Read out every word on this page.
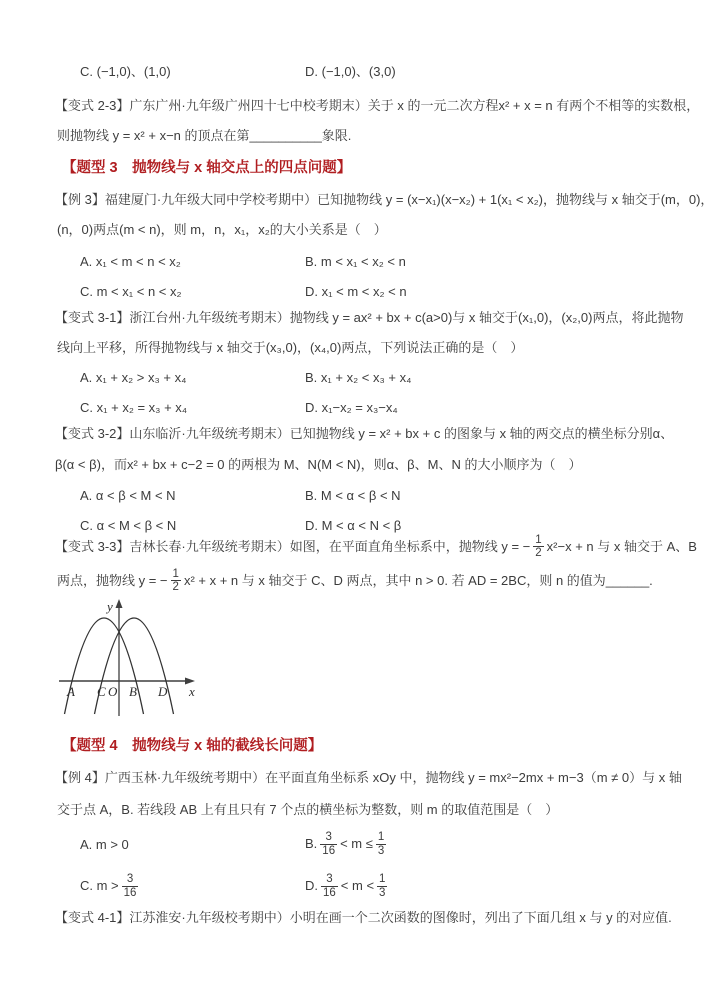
C. (−1,0)、(1,0)	D. (−1,0)、(3,0)
【变式 2-3】广东广州·九年级广州四十七中校考期末）关于 x 的一元二次方程x² + x = n 有两个不相等的实数根，
则抛物线 y = x² + x−n 的顶点在第__________象限.
【题型 3　抛物线与 x 轴交点上的四点问题】
【例 3】福建厦门·九年级大同中学校考期中）已知抛物线 y = (x−x₁)(x−x₂) + 1(x₁ < x₂)，抛物线与 x 轴交于(m，0)，
(n，0)两点(m < n)，则 m，n，x₁，x₂的大小关系是（　）
A. x₁ < m < n < x₂	B. m < x₁ < x₂ < n
C. m < x₁ < n < x₂	D. x₁ < m < x₂ < n
【变式 3-1】浙江台州·九年级统考期末）抛物线 y = ax² + bx + c(a>0)与 x 轴交于(x₁,0)，(x₂,0)两点，将此抛物
线向上平移，所得抛物线与 x 轴交于(x₃,0)，(x₄,0)两点，下列说法正确的是（　）
A. x₁ + x₂ > x₃ + x₄	B. x₁ + x₂ < x₃ + x₄
C. x₁ + x₂ = x₃ + x₄	D. x₁−x₂ = x₃−x₄
【变式 3-2】山东临沂·九年级统考期末）已知抛物线 y = x² + bx + c 的图象与 x 轴的两交点的横坐标分别α、
β(α < β)，而x² + bx + c−2 = 0 的两根为 M、N(M < N)，则α、β、M、N 的大小顺序为（　）
A. α < β < M < N	B. M < α < β < N
C. α < M < β < N	D. M < α < N < β
【变式 3-3】吉林长春·九年级统考期末）如图，在平面直角坐标系中，抛物线 y = − $\frac{1}{2} x^2-x + n$ 与 x 轴交于 A、B
两点，抛物线 y = − $\frac{1}{2} x^2 + x + n$ 与 x 轴交于 C、D 两点，其中 n > 0. 若 AD = 2BC，则 n 的值为______.
y
x
A C O B D
【题型 4　抛物线与 x 轴的截线长问题】
【例 4】广西玉林·九年级统考期中）在平面直角坐标系 xOy 中，抛物线 y = mx²−2mx + m−3（m ≠ 0）与 x 轴
交于点 A，B. 若线段 AB 上有且只有 7 个点的横坐标为整数，则 m 的取值范围是（　）
A. m > 0	B. $\frac{3}{16} < m \le \frac{1}{3}$
C. $m > \frac{3}{16}$	D. $\frac{3}{16} < m < \frac{1}{3}$
【变式 4-1】江苏淮安·九年级校考期中）小明在画一个二次函数的图像时，列出了下面几组 x 与 y 的对应值.
